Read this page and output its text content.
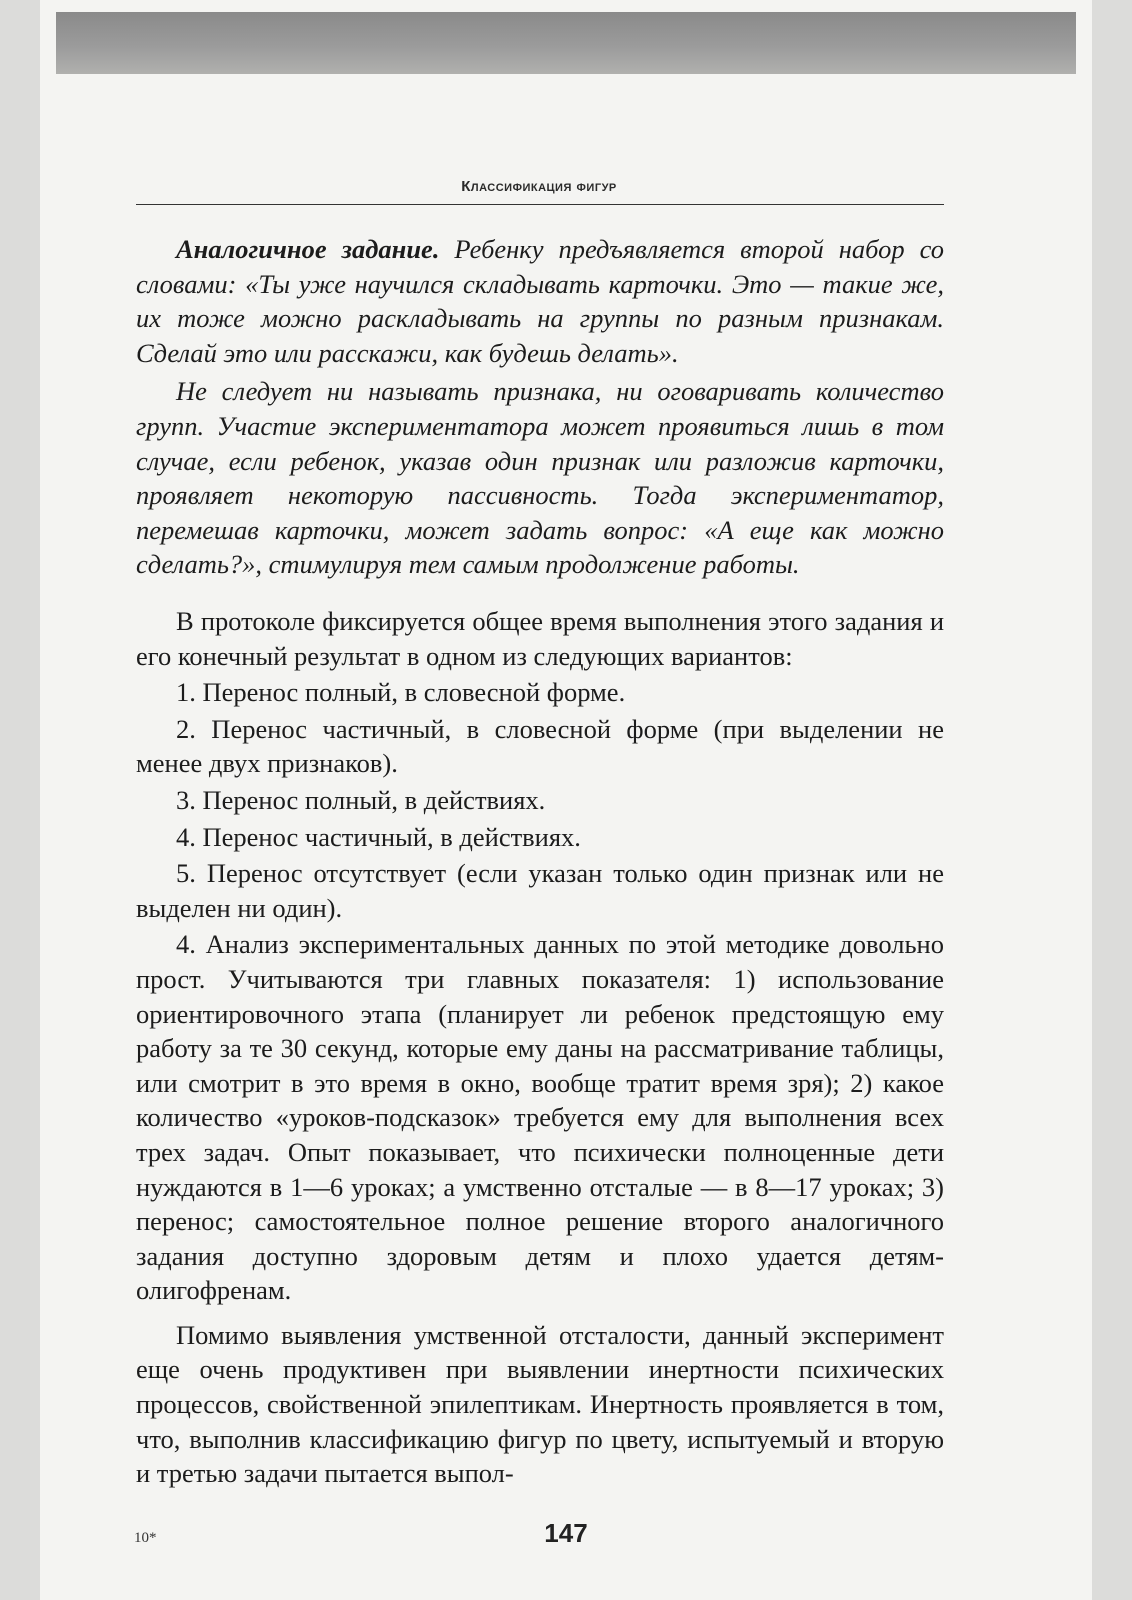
Классификация фигур

Аналогичное задание. Ребенку предъявляется второй набор со словами: «Ты уже научился складывать карточки. Это — такие же, их тоже можно раскладывать на группы по разным признакам. Сделай это или расскажи, как будешь делать».

Не следует ни называть признака, ни оговаривать количество групп. Участие экспериментатора может проявиться лишь в том случае, если ребенок, указав один признак или разложив карточки, проявляет некоторую пассивность. Тогда экспериментатор, перемешав карточки, может задать вопрос: «А еще как можно сделать?», стимулируя тем самым продолжение работы.

В протоколе фиксируется общее время выполнения этого задания и его конечный результат в одном из следующих вариантов:

1. Перенос полный, в словесной форме.

2. Перенос частичный, в словесной форме (при выделении не менее двух признаков).

3. Перенос полный, в действиях.

4. Перенос частичный, в действиях.

5. Перенос отсутствует (если указан только один признак или не выделен ни один).

4. Анализ экспериментальных данных по этой методике довольно прост. Учитываются три главных показателя: 1) использование ориентировочного этапа (планирует ли ребенок предстоящую ему работу за те 30 секунд, которые ему даны на рассматривание таблицы, или смотрит в это время в окно, вообще тратит время зря); 2) какое количество «уроков-подсказок» требуется ему для выполнения всех трех задач. Опыт показывает, что психически полноценные дети нуждаются в 1—6 уроках; а умственно отсталые — в 8—17 уроках; 3) перенос; самостоятельное полное решение второго аналогичного задания доступно здоровым детям и плохо удается детям-олигофренам.

Помимо выявления умственной отсталости, данный эксперимент еще очень продуктивен при выявлении инертности психических процессов, свойственной эпилептикам. Инертность проявляется в том, что, выполнив классификацию фигур по цвету, испытуемый и вторую и третью задачи пытается выпол-

10*	147
